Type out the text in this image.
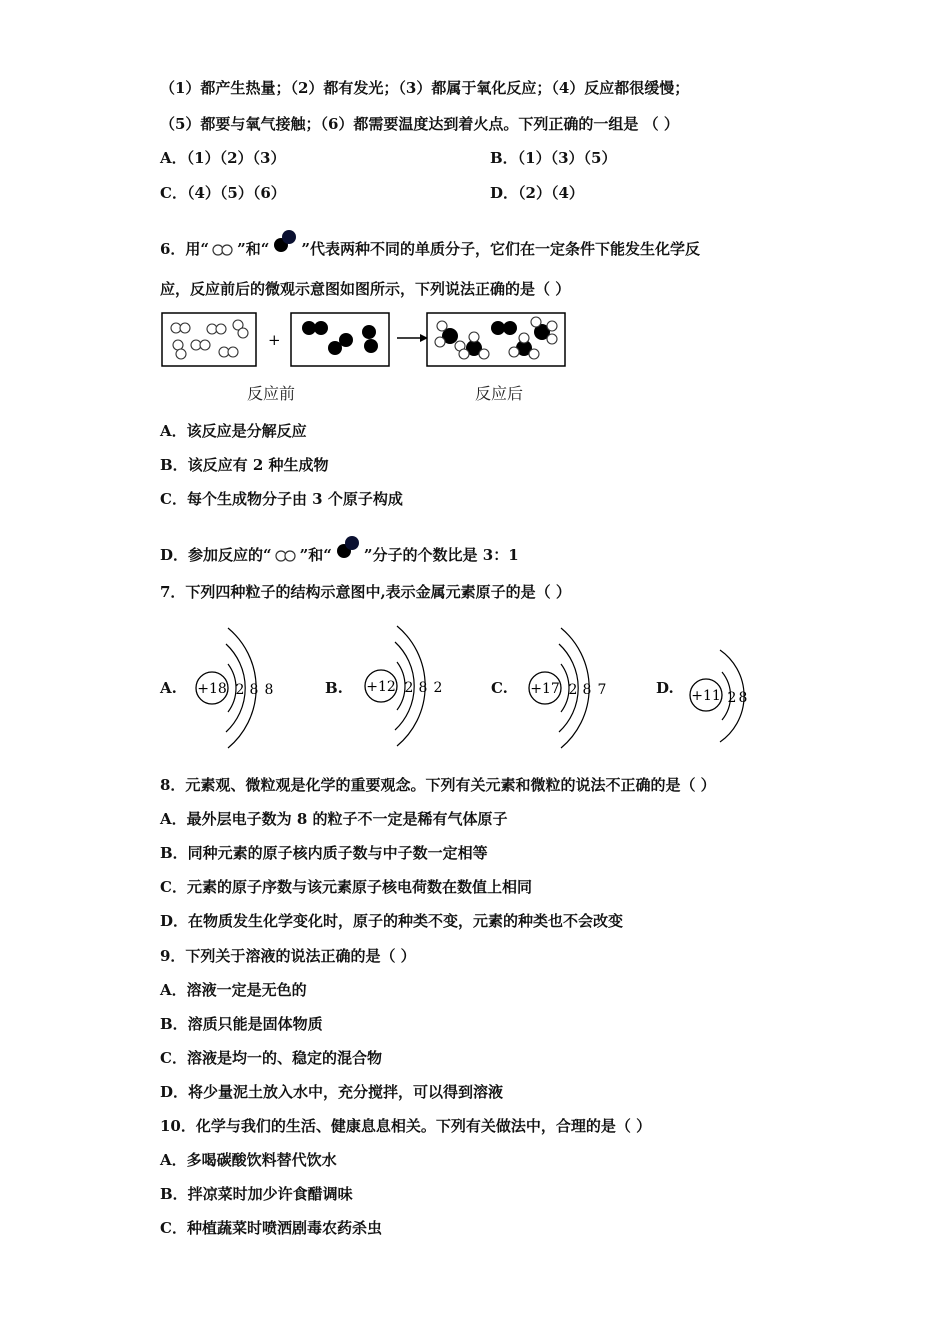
（1）都产生热量；（2）都有发光；（3）都属于氧化反应；（4）反应都很缓慢；
（5）都要与氧气接触；（6）都需要温度达到着火点。下列正确的一组是 （ ）
A．（1）（2）（3）	B．（1）（3）（5）
C．（4）（5）（6）	D．（2）（4）
6．用“ ”和“ ”代表两种不同的单质分子，它们在一定条件下能发生化学反
应，反应前后的微观示意图如图所示，下列说法正确的是（ ）
+
反应前	反应后
A．该反应是分解反应
B．该反应有 2 种生成物
C．每个生成物分子由 3 个原子构成
D．参加反应的“ ”和“ ”分子的个数比是 3：1
7．下列四种粒子的结构示意图中,表示金属元素原子的是（ ）
A. +18 2 8 8	B. +12 2 8 2	C. +17 2 8 7	D. +11 2 8
8．元素观、微粒观是化学的重要观念。下列有关元素和微粒的说法不正确的是（ ）
A．最外层电子数为 8 的粒子不一定是稀有气体原子
B．同种元素的原子核内质子数与中子数一定相等
C．元素的原子序数与该元素原子核电荷数在数值上相同
D．在物质发生化学变化时，原子的种类不变，元素的种类也不会改变
9．下列关于溶液的说法正确的是（ ）
A．溶液一定是无色的
B．溶质只能是固体物质
C．溶液是均一的、稳定的混合物
D．将少量泥土放入水中，充分搅拌，可以得到溶液
10．化学与我们的生活、健康息息相关。下列有关做法中，合理的是（ ）
A．多喝碳酸饮料替代饮水
B．拌凉菜时加少许食醋调味
C．种植蔬菜时喷洒剧毒农药杀虫
